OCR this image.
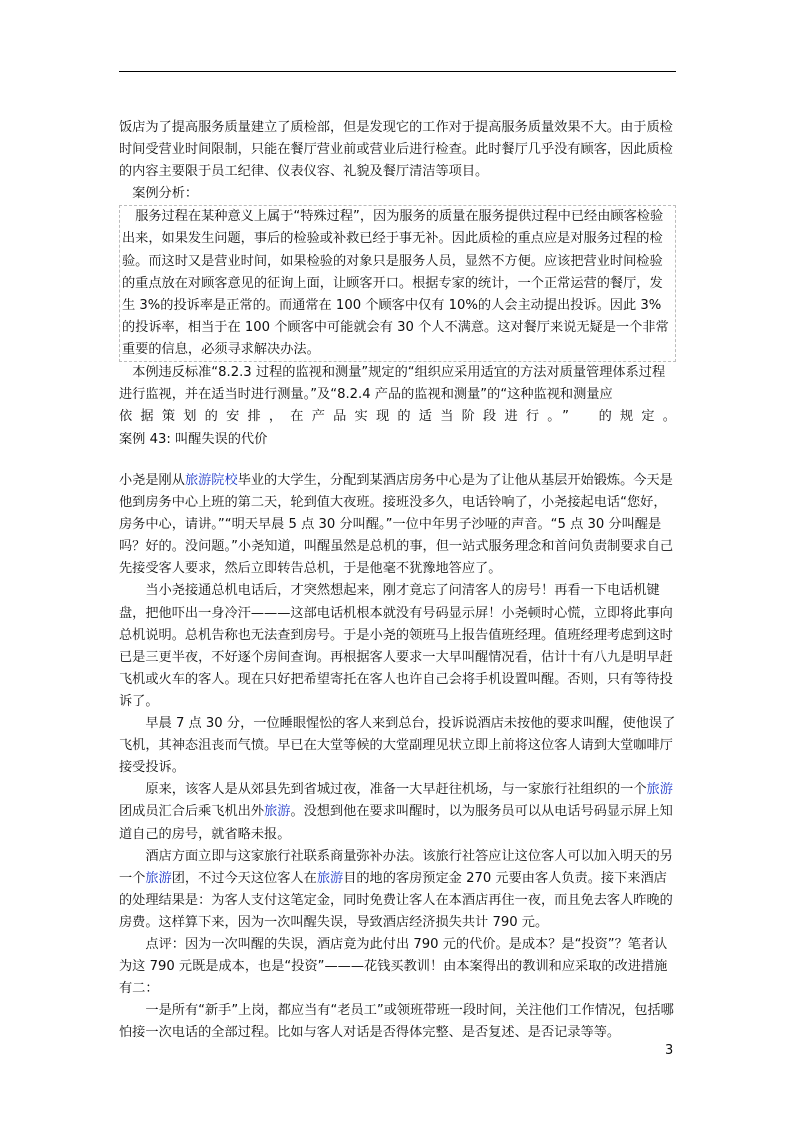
饭店为了提高服务质量建立了质检部，但是发现它的工作对于提高服务质量效果不大。由于质检时间受营业时间限制，只能在餐厅营业前或营业后进行检查。此时餐厅几乎没有顾客，因此质检的内容主要限于员工纪律、仪表仪容、礼貌及餐厅清洁等项目。

案例分析：

服务过程在某种意义上属于“特殊过程”，因为服务的质量在服务提供过程中已经由顾客检验出来，如果发生问题，事后的检验或补救已经于事无补。因此质检的重点应是对服务过程的检验。而这时又是营业时间，如果检验的对象只是服务人员，显然不方便。应该把营业时间检验的重点放在对顾客意见的征询上面，让顾客开口。根据专家的统计，一个正常运营的餐厅，发生 3%的投诉率是正常的。而通常在 100 个顾客中仅有 10%的人会主动提出投诉。因此 3%的投诉率，相当于在 100 个顾客中可能就会有 30 个人不满意。这对餐厅来说无疑是一个非常重要的信息，必须寻求解决办法。

本例违反标准“8.2.3 过程的监视和测量”规定的“组织应采用适宜的方法对质量管理体系过程进行监视，并在适当时进行测量。”及“8.2.4 产品的监视和测量”的“这种监视和测量应

依据策划的安排，在产品实现的适当阶段进行。”　的规定。

案例 43: 叫醒失误的代价

小尧是刚从旅游院校毕业的大学生，分配到某酒店房务中心是为了让他从基层开始锻炼。今天是他到房务中心上班的第二天，轮到值大夜班。接班没多久，电话铃响了，小尧接起电话“您好，房务中心，请讲。”“明天早晨 5 点 30 分叫醒。”一位中年男子沙哑的声音。“5 点 30 分叫醒是吗？好的。没问题。”小尧知道，叫醒虽然是总机的事，但一站式服务理念和首问负责制要求自己先接受客人要求，然后立即转告总机，于是他毫不犹豫地答应了。

当小尧接通总机电话后，才突然想起来，刚才竟忘了问清客人的房号！再看一下电话机键盘，把他吓出一身冷汗———这部电话机根本就没有号码显示屏！小尧顿时心慌，立即将此事向总机说明。总机告称也无法查到房号。于是小尧的领班马上报告值班经理。值班经理考虑到这时已是三更半夜，不好逐个房间查询。再根据客人要求一大早叫醒情况看，估计十有八九是明早赶飞机或火车的客人。现在只好把希望寄托在客人也许自己会将手机设置叫醒。否则，只有等待投诉了。

早晨 7 点 30 分，一位睡眼惺忪的客人来到总台，投诉说酒店未按他的要求叫醒，使他误了飞机，其神态沮丧而气愤。早已在大堂等候的大堂副理见状立即上前将这位客人请到大堂咖啡厅接受投诉。

原来，该客人是从郊县先到省城过夜，准备一大早赶往机场，与一家旅行社组织的一个旅游团成员汇合后乘飞机出外旅游。没想到他在要求叫醒时，以为服务员可以从电话号码显示屏上知道自己的房号，就省略未报。

酒店方面立即与这家旅行社联系商量弥补办法。该旅行社答应让这位客人可以加入明天的另一个旅游团，不过今天这位客人在旅游目的地的客房预定金 270 元要由客人负责。接下来酒店的处理结果是：为客人支付这笔定金，同时免费让客人在本酒店再住一夜，而且免去客人昨晚的房费。这样算下来，因为一次叫醒失误，导致酒店经济损失共计 790 元。

点评：因为一次叫醒的失误，酒店竟为此付出 790 元的代价。是成本？是“投资”？笔者认为这 790 元既是成本，也是“投资”———花钱买教训！由本案得出的教训和应采取的改进措施有二：

一是所有“新手”上岗，都应当有“老员工”或领班带班一段时间，关注他们工作情况，包括哪怕接一次电话的全部过程。比如与客人对话是否得体完整、是否复述、是否记录等等。

3
